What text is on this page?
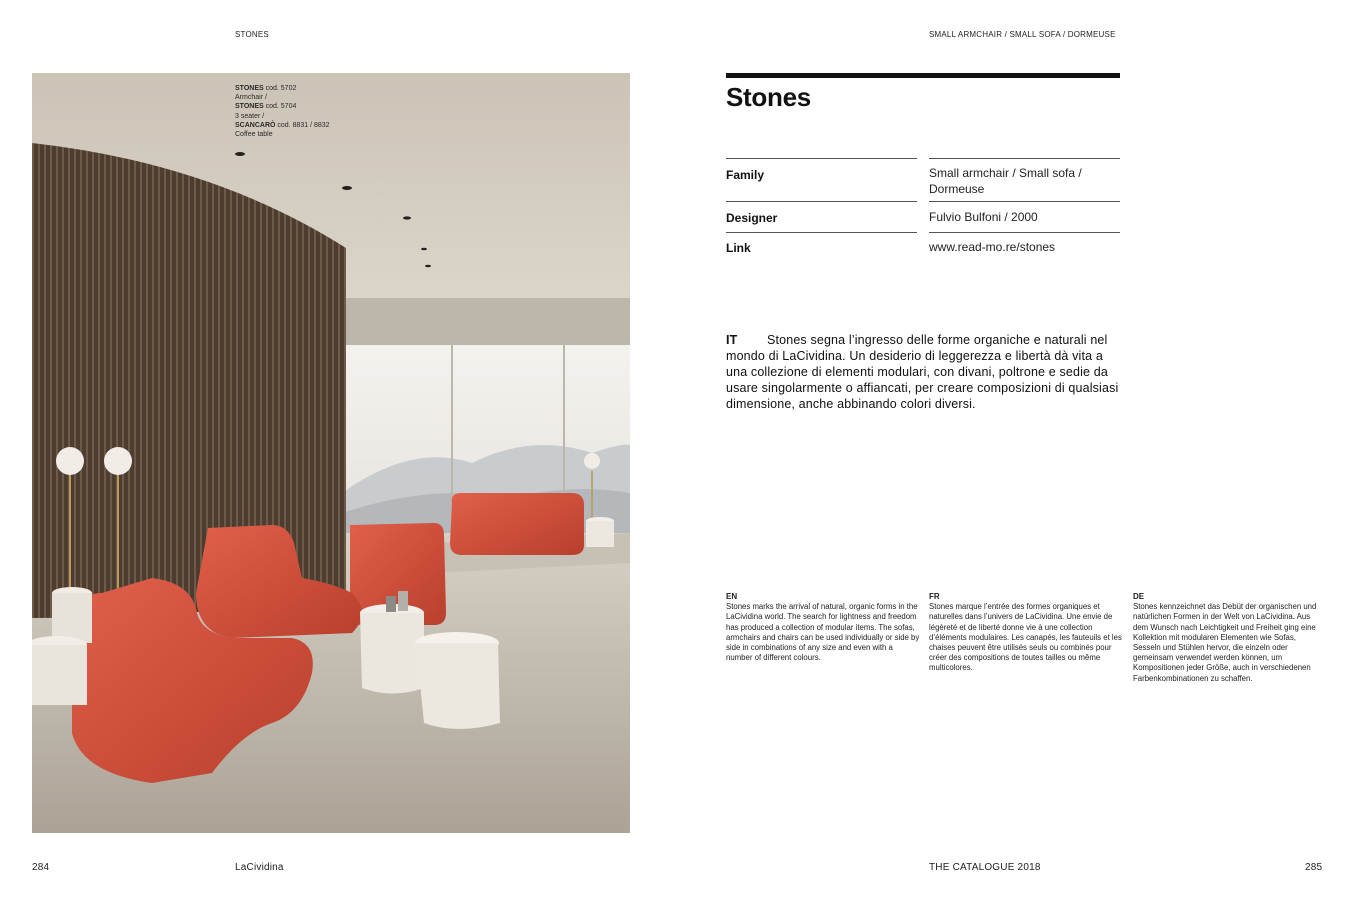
STONES	SMALL ARMCHAIR / SMALL SOFA / DORMEUSE
STONES cod. 5702
Armchair /
STONES cod. 5704
3 seater /
SCANCARÒ cod. 8831 / 8832
Coffee table
Stones
Family	Small armchair / Small sofa / Dormeuse
Designer	Fulvio Bulfoni / 2000
Link	www.read-mo.re/stones
IT Stones segna l’ingresso delle forme organiche e naturali nel mondo di LaCividina. Un desiderio di leggerezza e libertà dà vita a una collezione di elementi modulari, con divani, poltrone e sedie da usare singolarmente o affiancati, per creare composizioni di qualsiasi dimensione, anche abbinando colori diversi.
EN
Stones marks the arrival of natural, organic forms in the LaCividina world. The search for lightness and freedom has produced a collection of modular items. The sofas, armchairs and chairs can be used individually or side by side in combinations of any size and even with a number of different colours.
FR
Stones marque l’entrée des formes organiques et naturelles dans l’univers de LaCividina. Une envie de légèreté et de liberté donne vie à une collection d’éléments modulaires. Les canapés, les fauteuils et les chaises peuvent être utilisés seuls ou combinés pour créer des compositions de toutes tailles ou même multicolores.
DE
Stones kennzeichnet das Debüt der organischen und natürlichen Formen in der Welt von LaCividina. Aus dem Wunsch nach Leichtigkeit und Freiheit ging eine Kollektion mit modularen Elementen wie Sofas, Sesseln und Stühlen hervor, die einzeln oder gemeinsam verwendet werden können, um Kompositionen jeder Größe, auch in verschiedenen Farbenkombinationen zu schaffen.
284	LaCividina	THE CATALOGUE 2018	285
